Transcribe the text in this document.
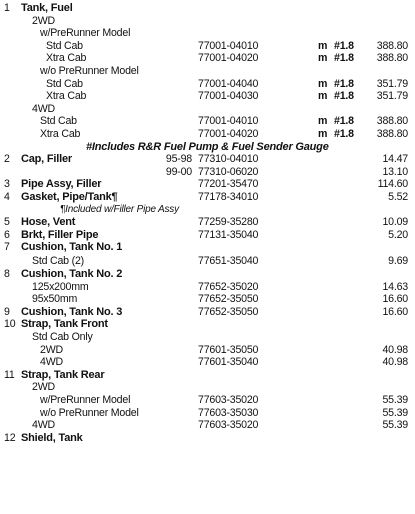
1 Tank, Fuel
2WD
w/PreRunner Model
Std Cab	77001-04010	m #1.8	388.80
Xtra Cab	77001-04020	m #1.8	388.80
w/o PreRunner Model
Std Cab	77001-04040	m #1.8	351.79
Xtra Cab	77001-04030	m #1.8	351.79
4WD
Std Cab	77001-04010	m #1.8	388.80
Xtra Cab	77001-04020	m #1.8	388.80
#Includes R&R Fuel Pump & Fuel Sender Gauge
2 Cap, Filler	95-98 77310-04010	14.47
99-00 77310-06020	13.10
3 Pipe Assy, Filler	77201-35470	114.60
4 Gasket, Pipe/Tank¶	77178-34010	5.52
¶Included w/Filler Pipe Assy
5 Hose, Vent	77259-35280	10.09
6 Brkt, Filler Pipe	77131-35040	5.20
7 Cushion, Tank No. 1
Std Cab (2)	77651-35040	9.69
8 Cushion, Tank No. 2
125x200mm	77652-35020	14.63
95x50mm	77652-35050	16.60
9 Cushion, Tank No. 3	77652-35050	16.60
10 Strap, Tank Front
Std Cab Only
2WD	77601-35050	40.98
4WD	77601-35040	40.98
11 Strap, Tank Rear
2WD
w/PreRunner Model	77603-35020	55.39
w/o PreRunner Model	77603-35030	55.39
4WD	77603-35020	55.39
12 Shield, Tank
